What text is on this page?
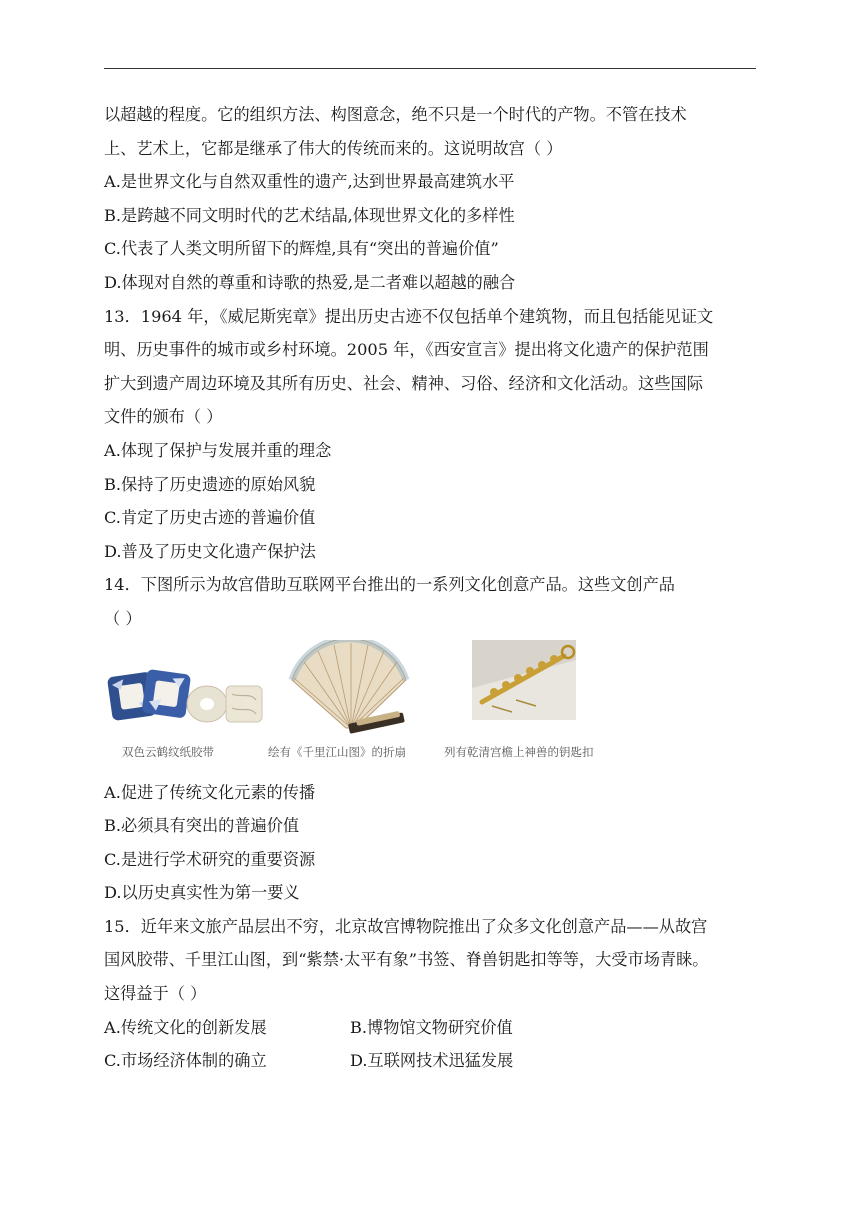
以超越的程度。它的组织方法、构图意念，绝不只是一个时代的产物。不管在技术

上、艺术上，它都是继承了伟大的传统而来的。这说明故宫（ ）

A.是世界文化与自然双重性的遗产,达到世界最高建筑水平

B.是跨越不同文明时代的艺术结晶,体现世界文化的多样性

C.代表了人类文明所留下的辉煌,具有“突出的普遍价值”

D.体现对自然的尊重和诗歌的热爱,是二者难以超越的融合

13．1964 年，《威尼斯宪章》提出历史古迹不仅包括单个建筑物，而且包括能见证文

明、历史事件的城市或乡村环境。2005 年，《西安宣言》提出将文化遗产的保护范围

扩大到遗产周边环境及其所有历史、社会、精神、习俗、经济和文化活动。这些国际

文件的颁布（ ）

A.体现了保护与发展并重的理念

B.保持了历史遗迹的原始风貌

C.肯定了历史古迹的普遍价值

D.普及了历史文化遗产保护法

14．下图所示为故宫借助互联网平台推出的一系列文化创意产品。这些文创产品

（ ）

双色云鹤纹纸胶带	绘有《千里江山图》的折扇	列有乾清宫檐上神兽的钥匙扣

A.促进了传统文化元素的传播

B.必须具有突出的普遍价值

C.是进行学术研究的重要资源

D.以历史真实性为第一要义

15．近年来文旅产品层出不穷，北京故宫博物院推出了众多文化创意产品——从故宫

国风胶带、千里江山图，到“紫禁·太平有象”书签、脊兽钥匙扣等等，大受市场青睐。

这得益于（ ）

A.传统文化的创新发展	B.博物馆文物研究价值
C.市场经济体制的确立	D.互联网技术迅猛发展
